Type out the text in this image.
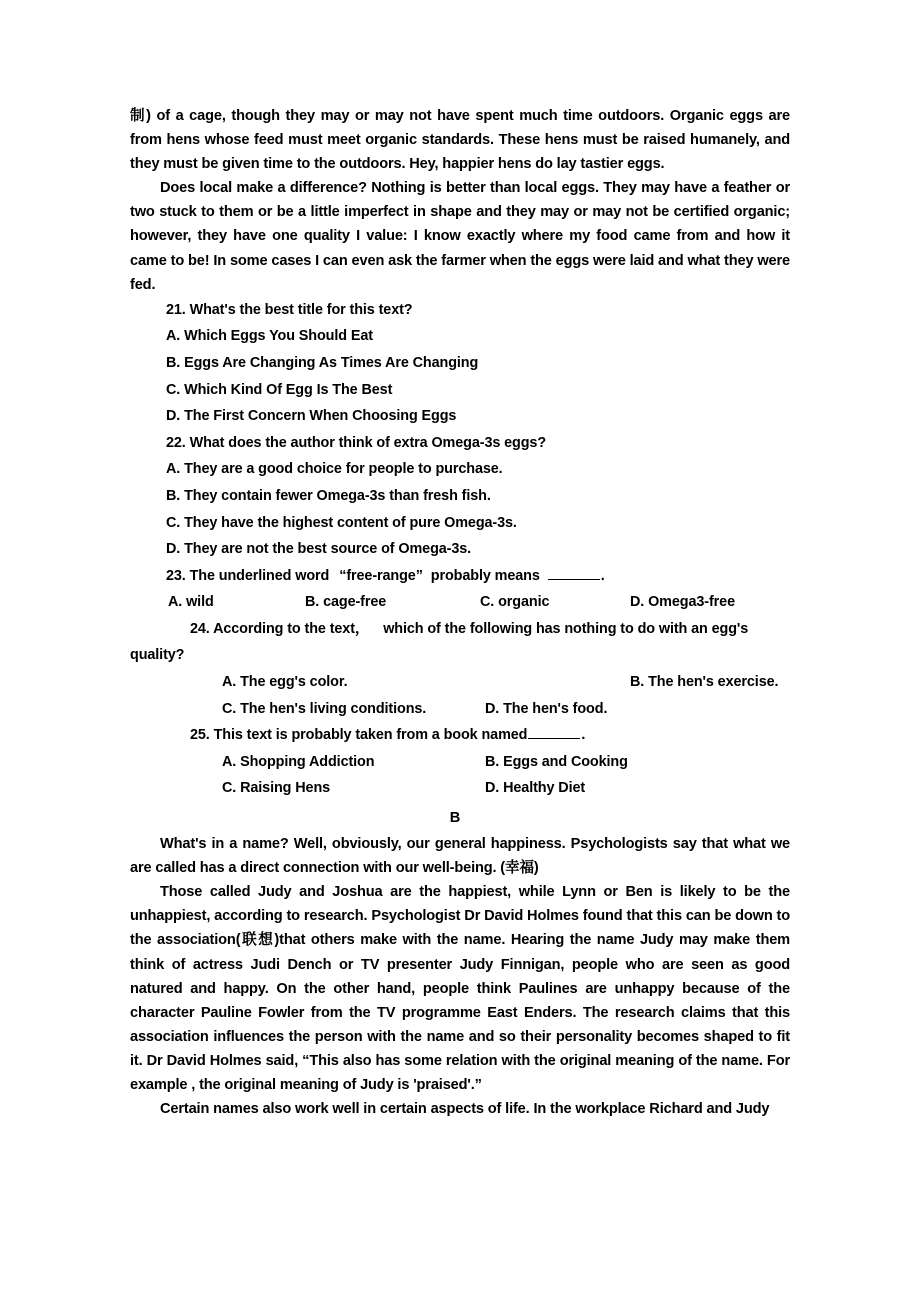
制) of a cage, though they may or may not have spent much time outdoors. Organic eggs are from hens whose feed must meet organic standards. These hens must be raised humanely, and they must be given time to the outdoors. Hey, happier hens do lay tastier eggs.

Does local make a difference? Nothing is better than local eggs. They may have a feather or two stuck to them or be a little imperfect in shape and they may or may not be certified organic; however, they have one quality I value: I know exactly where my food came from and how it came to be! In some cases I can even ask the farmer when the eggs were laid and what they were fed.

21. What's the best title for this text?
A. Which Eggs You Should Eat
B. Eggs Are Changing As Times Are Changing
C. Which Kind Of Egg Is The Best
D. The First Concern When Choosing Eggs
22. What does the author think of extra Omega-3s eggs?
A. They are a good choice for people to purchase.
B. They contain fewer Omega-3s than fresh fish.
C. They have the highest content of pure Omega-3s.
D. They are not the best source of Omega-3s.
23. The underlined word “free-range” probably means	.
A. wild	B. cage-free	C. organic	D. Omega3-free
24. According to the text， which of the following has nothing to do with an egg's
quality?
A. The egg's color.	B. The hen's exercise.
C. The hen's living conditions.	D. The hen's food.
25. This text is probably taken from a book named	.
A. Shopping Addiction	B. Eggs and Cooking
C. Raising Hens	D. Healthy Diet
B

What's in a name? Well, obviously, our general happiness. Psychologists say that what we are called has a direct connection with our well-being. (幸福)

Those called Judy and Joshua are the happiest, while Lynn or Ben is likely to be the unhappiest, according to research. Psychologist Dr David Holmes found that this can be down to the association(联想)that others make with the name. Hearing the name Judy may make them think of actress Judi Dench or TV presenter Judy Finnigan, people who are seen as good natured and happy. On the other hand, people think Paulines are unhappy because of the character Pauline Fowler from the TV programme East Enders. The research claims that this association influences the person with the name and so their personality becomes shaped to fit it. Dr David Holmes said, “This also has some relation with the original meaning of the name. For example , the original meaning of Judy is 'praised'.”

Certain names also work well in certain aspects of life. In the workplace Richard and Judy
